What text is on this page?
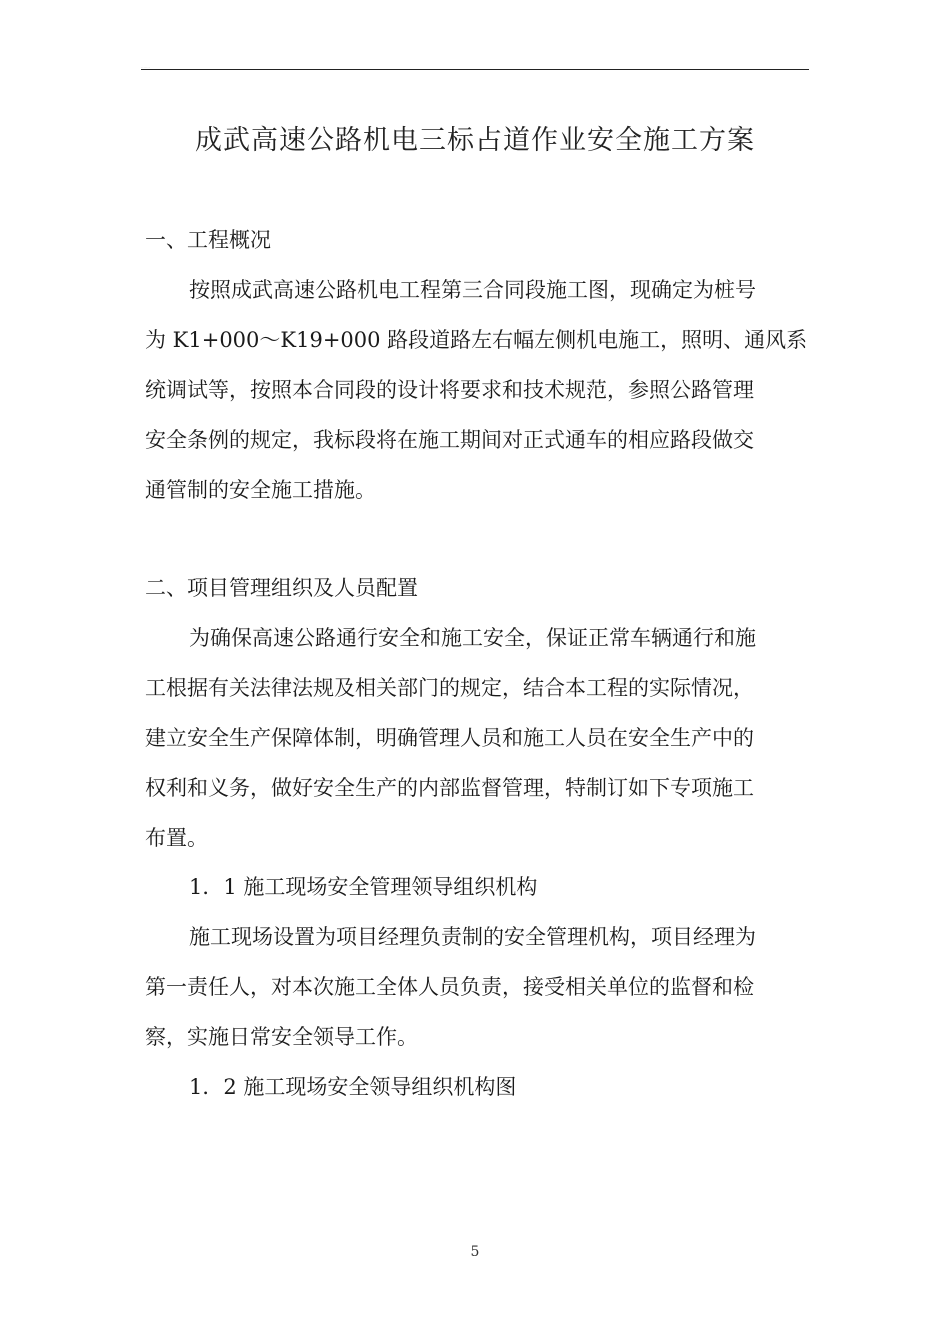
.......
成武高速公路机电三标占道作业安全施工方案
一、工程概况
按照成武高速公路机电工程第三合同段施工图，现确定为桩号
为 K1+000～K19+000 路段道路左右幅左侧机电施工，照明、通风系
统调试等，按照本合同段的设计将要求和技术规范，参照公路管理
安全条例的规定，我标段将在施工期间对正式通车的相应路段做交
通管制的安全施工措施。
二、项目管理组织及人员配置
为确保高速公路通行安全和施工安全，保证正常车辆通行和施
工根据有关法律法规及相关部门的规定，结合本工程的实际情况，
建立安全生产保障体制，明确管理人员和施工人员在安全生产中的
权利和义务，做好安全生产的内部监督管理，特制订如下专项施工
布置。
1．1 施工现场安全管理领导组织机构
施工现场设置为项目经理负责制的安全管理机构，项目经理为
第一责任人，对本次施工全体人员负责，接受相关单位的监督和检
察，实施日常安全领导工作。
1．2 施工现场安全领导组织机构图
5
